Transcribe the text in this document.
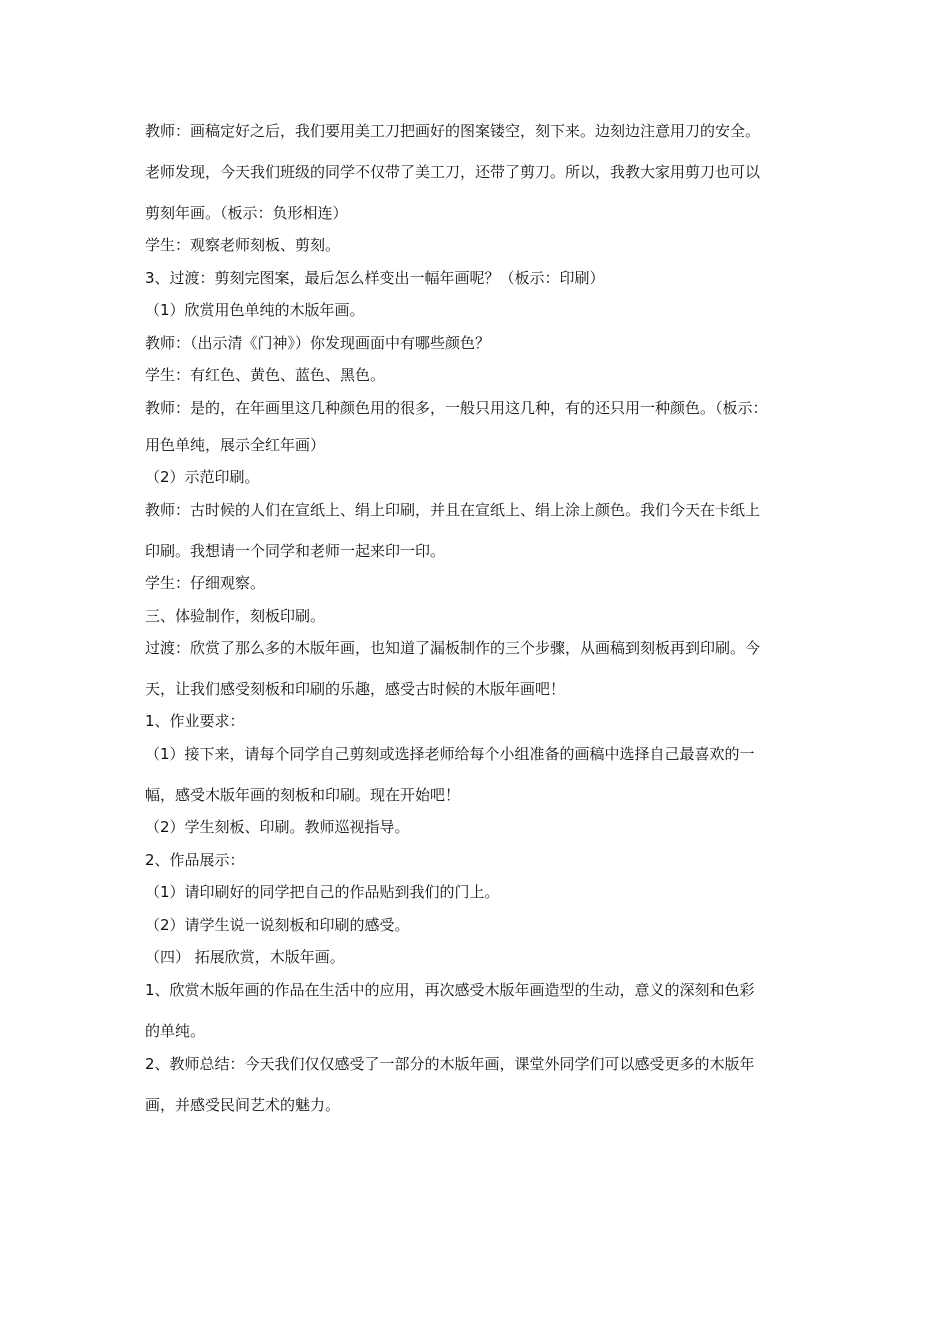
教师：画稿定好之后，我们要用美工刀把画好的图案镂空，刻下来。边刻边注意用刀的安全。
老师发现，今天我们班级的同学不仅带了美工刀，还带了剪刀。所以，我教大家用剪刀也可以
剪刻年画。（板示：负形相连）
学生：观察老师刻板、剪刻。
3、过渡：剪刻完图案，最后怎么样变出一幅年画呢？（板示：印刷）
（1）欣赏用色单纯的木版年画。
教师：（出示清《门神》）你发现画面中有哪些颜色？
学生：有红色、黄色、蓝色、黑色。
教师：是的，在年画里这几种颜色用的很多，一般只用这几种，有的还只用一种颜色。（板示：
用色单纯，展示全红年画）
（2）示范印刷。
教师：古时候的人们在宣纸上、绢上印刷，并且在宣纸上、绢上涂上颜色。我们今天在卡纸上
印刷。我想请一个同学和老师一起来印一印。
学生：仔细观察。
三、体验制作，刻板印刷。
过渡：欣赏了那么多的木版年画，也知道了漏板制作的三个步骤，从画稿到刻板再到印刷。今
天，让我们感受刻板和印刷的乐趣，感受古时候的木版年画吧！
1、作业要求：
（1）接下来，请每个同学自己剪刻或选择老师给每个小组准备的画稿中选择自己最喜欢的一
幅，感受木版年画的刻板和印刷。现在开始吧！
（2）学生刻板、印刷。教师巡视指导。
2、作品展示：
（1）请印刷好的同学把自己的作品贴到我们的门上。
（2）请学生说一说刻板和印刷的感受。
（四） 拓展欣赏，木版年画。
1、欣赏木版年画的作品在生活中的应用，再次感受木版年画造型的生动，意义的深刻和色彩
的单纯。
2、教师总结：今天我们仅仅感受了一部分的木版年画，课堂外同学们可以感受更多的木版年
画，并感受民间艺术的魅力。
